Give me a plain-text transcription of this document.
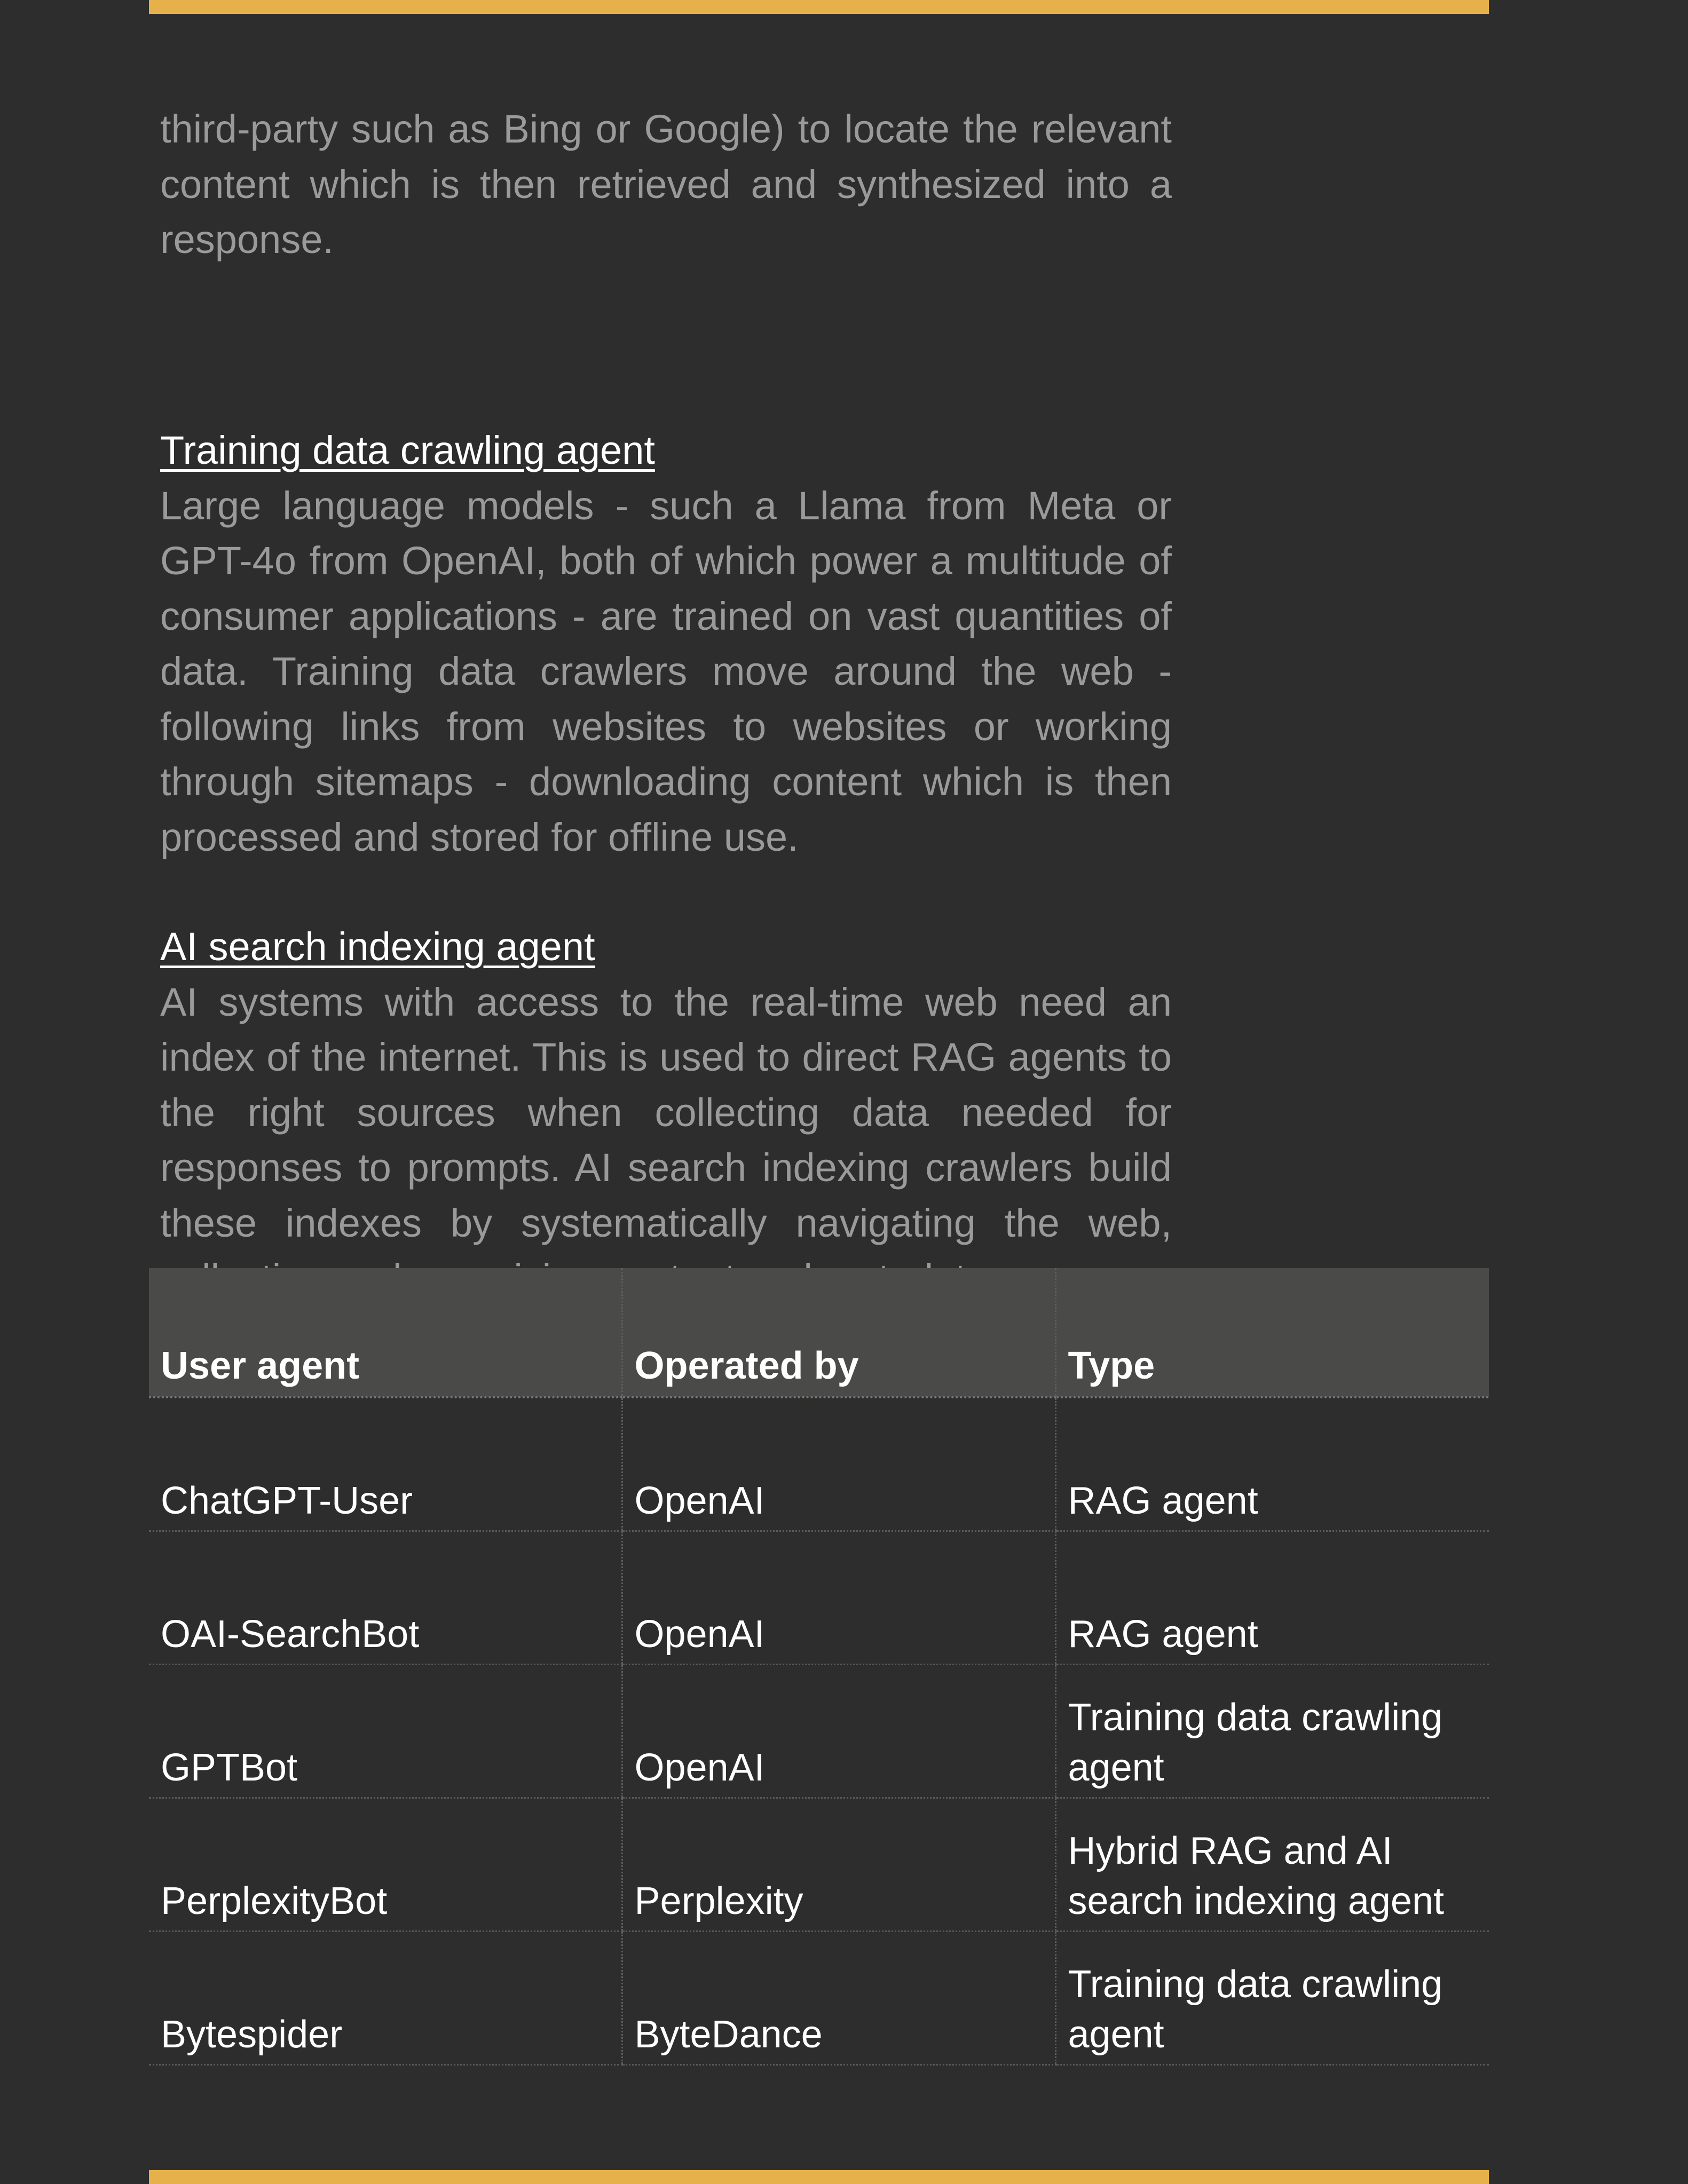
third-party such as Bing or Google) to locate the relevant content which is then retrieved and synthesized into a response.

Training data crawling agent

Large language models - such a Llama from Meta or GPT-4o from OpenAI, both of which power a multitude of consumer applications - are trained on vast quantities of data. Training data crawlers move around the web - following links from websites to websites or working through sitemaps - downloading content which is then processed and stored for offline use.

AI search indexing agent

AI systems with access to the real-time web need an index of the internet. This is used to direct RAG agents to the right sources when collecting data needed for responses to prompts. AI search indexing crawlers build these indexes by systematically navigating the web,

User agent	Operated by	Type
ChatGPT-User	OpenAI	RAG agent
OAI-SearchBot	OpenAI	RAG agent
GPTBot	OpenAI	Training data crawling agent
PerplexityBot	Perplexity	Hybrid RAG and AI search indexing agent
Bytespider	ByteDance	Training data crawling agent
